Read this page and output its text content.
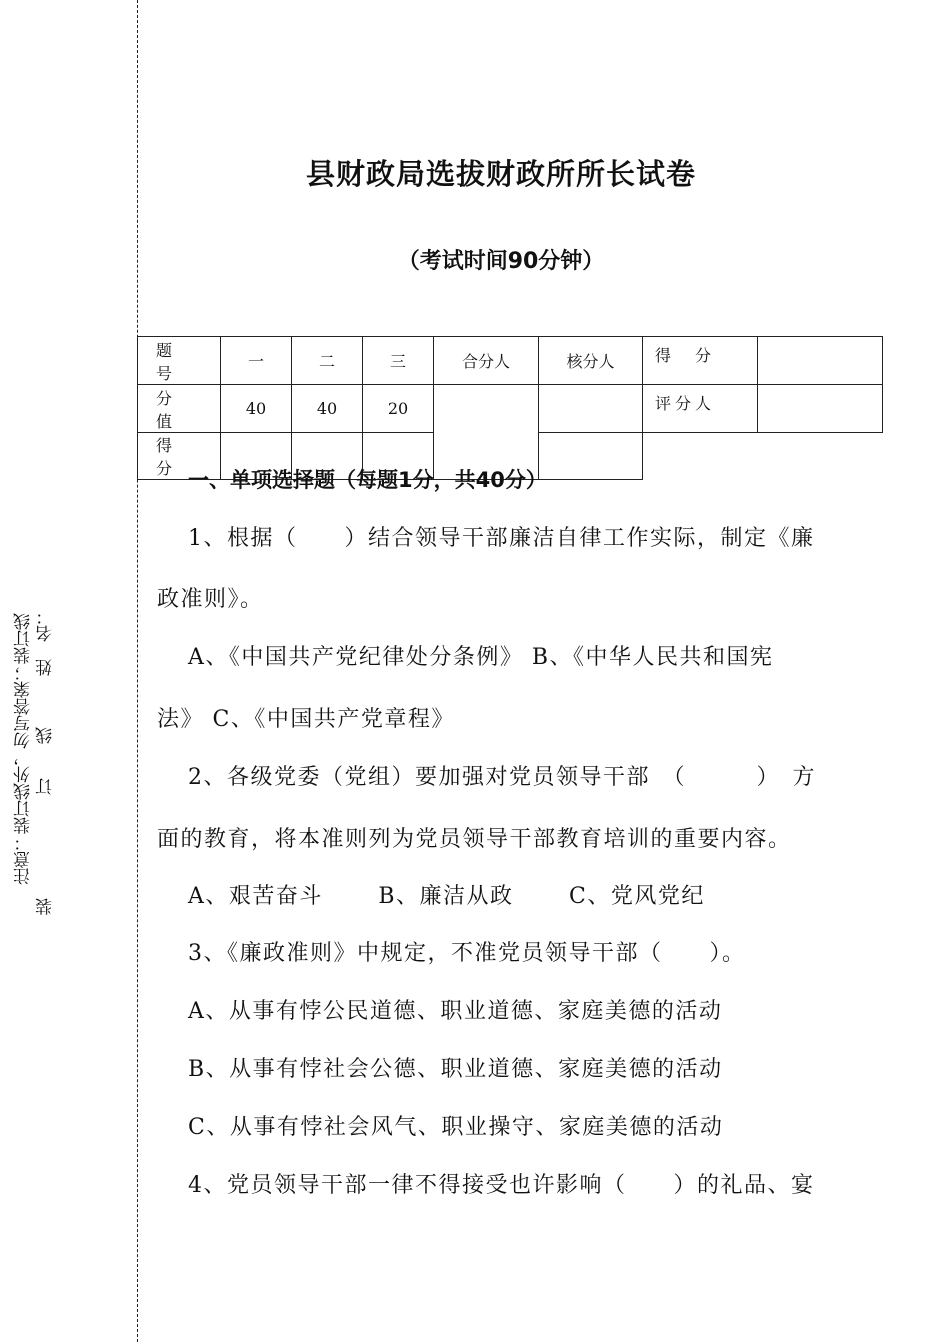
注意：装订线外，勿写答案；装订线 订　　线　　　姓　名：
装
县财政局选拔财政所所长试卷
（考试时间90分钟）
题　号	一	二	三	合分人	核分人	得　分	
分　值	40	40	20			评分人	
得　分							一、单项选择题（每题1分，共40分）
1、根据（　　）结合领导干部廉洁自律工作实际，制定《廉
政准则》。
A、《中国共产党纪律处分条例》 B、《中华人民共和国宪
法》 C、《中国共产党章程》
2、各级党委（党组）要加强对党员领导干部　（　　　）　方
面的教育，将本准则列为党员领导干部教育培训的重要内容。
A、艰苦奋斗　　 B、廉洁从政　　 C、党风党纪
3、《廉政准则》中规定，不准党员领导干部（　　）。
A、从事有悖公民道德、职业道德、家庭美德的活动
B、从事有悖社会公德、职业道德、家庭美德的活动
C、从事有悖社会风气、职业操守、家庭美德的活动
4、党员领导干部一律不得接受也许影响（　　）的礼品、宴
